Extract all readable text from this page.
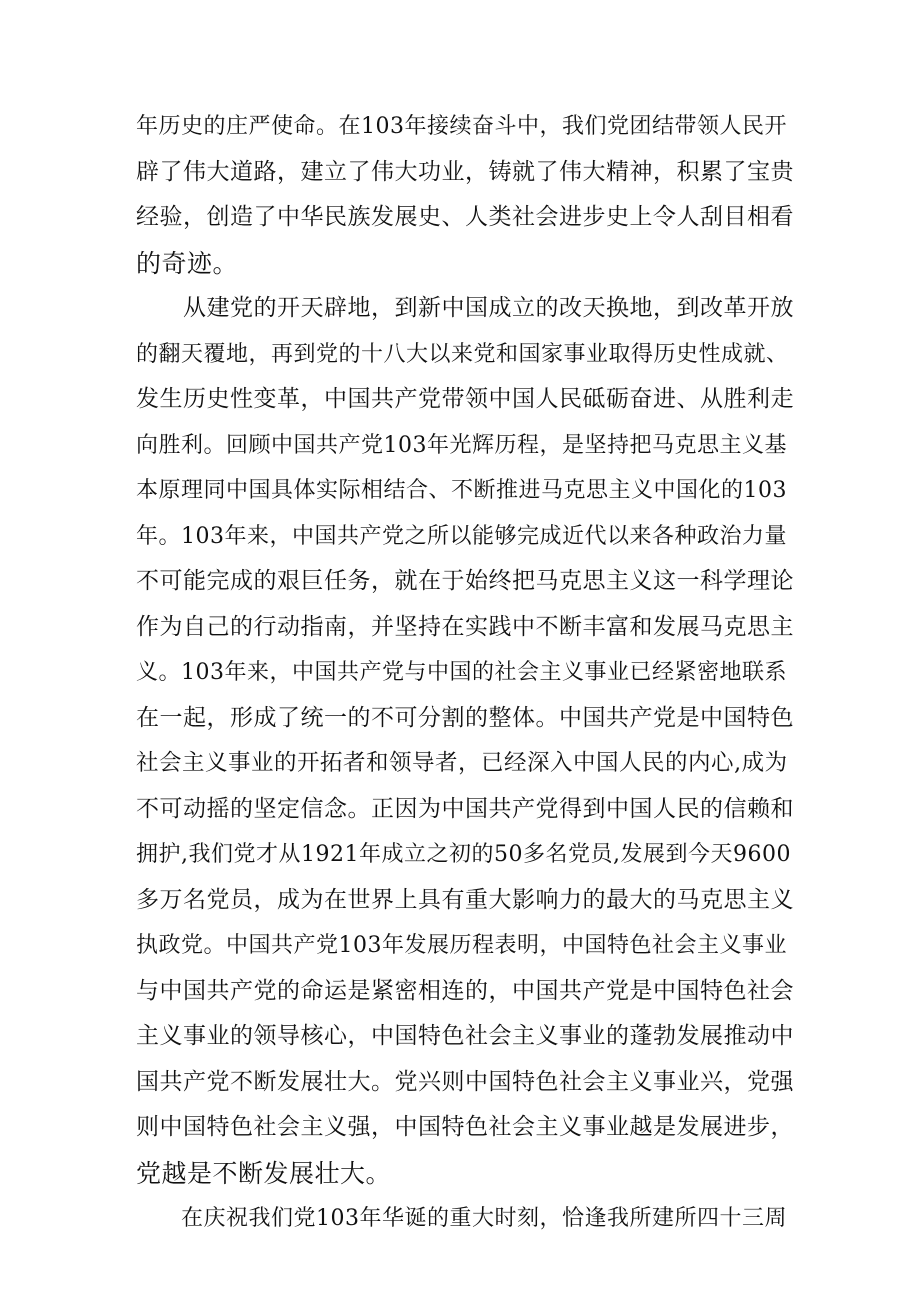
年历史的庄严使命。在103年接续奋斗中，我们党团结带领人民开
辟了伟大道路，建立了伟大功业，铸就了伟大精神，积累了宝贵
经验，创造了中华民族发展史、人类社会进步史上令人刮目相看
的奇迹。
　　从建党的开天辟地，到新中国成立的改天换地，到改革开放
的翻天覆地，再到党的十八大以来党和国家事业取得历史性成就、
发生历史性变革，中国共产党带领中国人民砥砺奋进、从胜利走
向胜利。回顾中国共产党103年光辉历程，是坚持把马克思主义基
本原理同中国具体实际相结合、不断推进马克思主义中国化的103
年。103年来，中国共产党之所以能够完成近代以来各种政治力量
不可能完成的艰巨任务，就在于始终把马克思主义这一科学理论
作为自己的行动指南，并坚持在实践中不断丰富和发展马克思主
义。103年来，中国共产党与中国的社会主义事业已经紧密地联系
在一起，形成了统一的不可分割的整体。中国共产党是中国特色
社会主义事业的开拓者和领导者，已经深入中国人民的内心,成为
不可动摇的坚定信念。正因为中国共产党得到中国人民的信赖和
拥护,我们党才从1921年成立之初的50多名党员,发展到今天9600
多万名党员，成为在世界上具有重大影响力的最大的马克思主义
执政党。中国共产党103年发展历程表明，中国特色社会主义事业
与中国共产党的命运是紧密相连的，中国共产党是中国特色社会
主义事业的领导核心，中国特色社会主义事业的蓬勃发展推动中
国共产党不断发展壮大。党兴则中国特色社会主义事业兴，党强
则中国特色社会主义强，中国特色社会主义事业越是发展进步，
党越是不断发展壮大。
　　在庆祝我们党103年华诞的重大时刻，恰逢我所建所四十三周
